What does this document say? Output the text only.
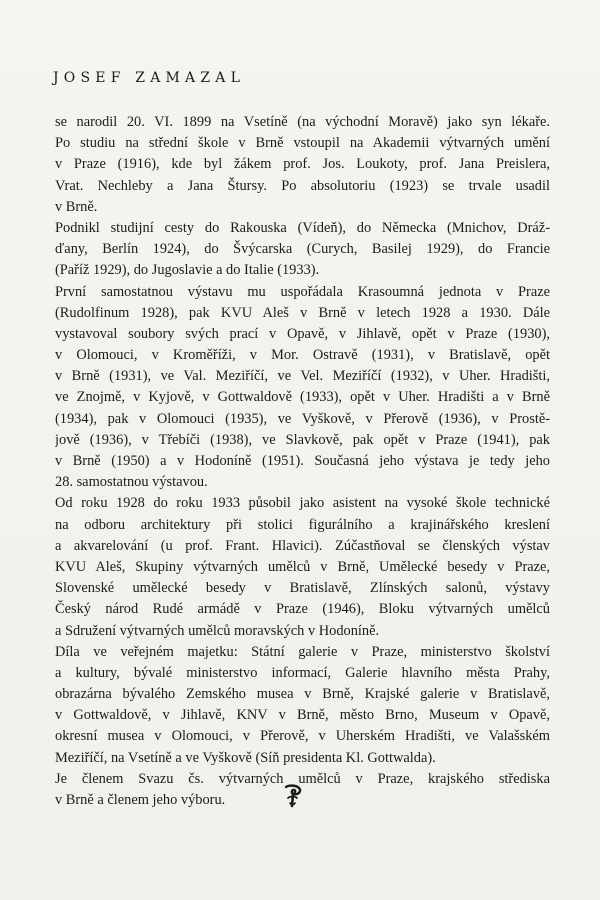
JOSEF ZAMAZAL
se narodil 20. VI. 1899 na Vsetíně (na východní Moravě) jako syn lékaře.
Po studiu na střední škole v Brně vstoupil na Akademii výtvarných umění
v Praze (1916), kde byl žákem prof. Jos. Loukoty, prof. Jana Preislera,
Vrat. Nechleby a Jana Štursy. Po absolutoriu (1923) se trvale usadil
v Brně.
Podnikl studijní cesty do Rakouska (Vídeň), do Německa (Mnichov, Dráž-
ďany, Berlín 1924), do Švýcarska (Curych, Basilej 1929), do Francie
(Paříž 1929), do Jugoslavie a do Italie (1933).
První samostatnou výstavu mu uspořádala Krasoumná jednota v Praze
(Rudolfinum 1928), pak KVU Aleš v Brně v letech 1928 a 1930. Dále
vystavoval soubory svých prací v Opavě, v Jihlavě, opět v Praze (1930),
v Olomouci, v Kroměříži, v Mor. Ostravě (1931), v Bratislavě, opět
v Brně (1931), ve Val. Meziříčí, ve Vel. Meziříčí (1932), v Uher. Hradišti,
ve Znojmě, v Kyjově, v Gottwaldově (1933), opět v Uher. Hradišti a v Brně
(1934), pak v Olomouci (1935), ve Vyškově, v Přerově (1936), v Prostě-
jově (1936), v Třebíči (1938), ve Slavkově, pak opět v Praze (1941), pak
v Brně (1950) a v Hodoníně (1951). Současná jeho výstava je tedy jeho
28. samostatnou výstavou.
Od roku 1928 do roku 1933 působil jako asistent na vysoké škole technické
na odboru architektury při stolici figurálního a krajinářského kreslení
a akvarelování (u prof. Frant. Hlavici). Zúčastňoval se členských výstav
KVU Aleš, Skupiny výtvarných umělců v Brně, Umělecké besedy v Praze,
Slovenské umělecké besedy v Bratislavě, Zlínských salonů, výstavy
Český národ Rudé armádě v Praze (1946), Bloku výtvarných umělců
a Sdružení výtvarných umělců moravských v Hodoníně.
Díla ve veřejném majetku: Státní galerie v Praze, ministerstvo školství
a kultury, bývalé ministerstvo informací, Galerie hlavního města Prahy,
obrazárna bývalého Zemského musea v Brně, Krajské galerie v Bratislavě,
v Gottwaldově, v Jihlavě, KNV v Brně, město Brno, Museum v Opavě,
okresní musea v Olomouci, v Přerově, v Uherském Hradišti, ve Valašském
Meziříčí, na Vsetíně a ve Vyškově (Síň presidenta Kl. Gottwalda).
Je členem Svazu čs. výtvarných umělců v Praze, krajského střediska
v Brně a členem jeho výboru.
